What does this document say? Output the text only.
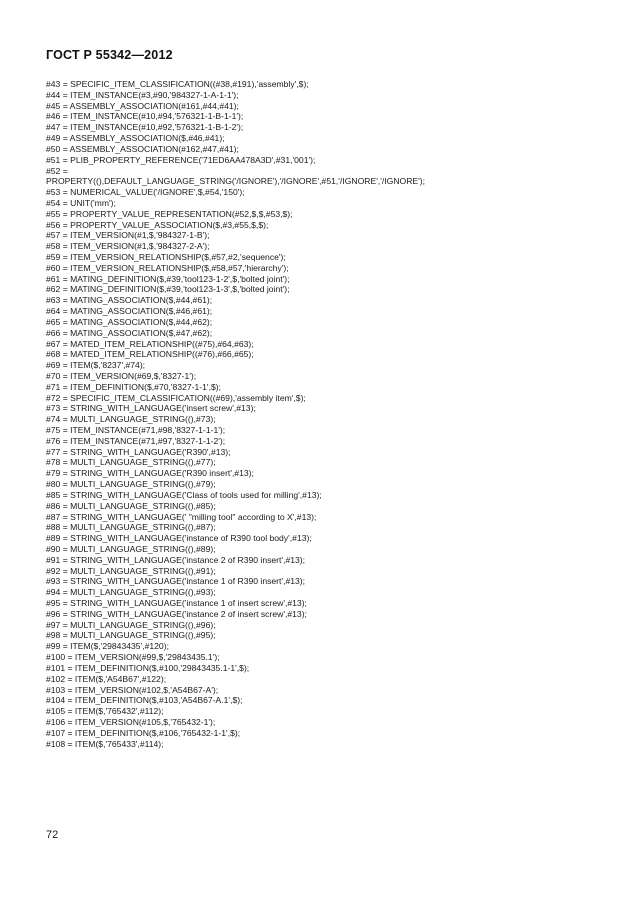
ГОСТ Р 55342—2012
#43 = SPECIFIC_ITEM_CLASSIFICATION((#38,#191),'assembly',$);
#44 = ITEM_INSTANCE(#3,#90,'984327-1-A-1-1');
#45 = ASSEMBLY_ASSOCIATION(#161,#44,#41);
#46 = ITEM_INSTANCE(#10,#94,'576321-1-B-1-1');
#47 = ITEM_INSTANCE(#10,#92,'576321-1-B-1-2');
#49 = ASSEMBLY_ASSOCIATION($,#46,#41);
#50 = ASSEMBLY_ASSOCIATION(#162,#47,#41);
#51 = PLIB_PROPERTY_REFERENCE('71ED6AA478A3D',#31,'001');
#52 =
PROPERTY((),DEFAULT_LANGUAGE_STRING('/IGNORE'),'/IGNORE',#51,'/IGNORE','/IGNORE');
#53 = NUMERICAL_VALUE('/IGNORE',$,#54,'150');
#54 = UNIT('mm');
#55 = PROPERTY_VALUE_REPRESENTATION(#52,$,$,#53,$);
#56 = PROPERTY_VALUE_ASSOCIATION($,#3,#55,$,$);
#57 = ITEM_VERSION(#1,$,'984327-1-B');
#58 = ITEM_VERSION(#1,$,'984327-2-A');
#59 = ITEM_VERSION_RELATIONSHIP($,#57,#2,'sequence');
#60 = ITEM_VERSION_RELATIONSHIP($,#58,#57,'hierarchy');
#61 = MATING_DEFINITION($,#39,'tool123-1-2',$,'bolted joint');
#62 = MATING_DEFINITION($,#39,'tool123-1-3',$,'bolted joint');
#63 = MATING_ASSOCIATION($,#44,#61);
#64 = MATING_ASSOCIATION($,#46,#61);
#65 = MATING_ASSOCIATION($,#44,#62);
#66 = MATING_ASSOCIATION($,#47,#62);
#67 = MATED_ITEM_RELATIONSHIP((#75),#64,#63);
#68 = MATED_ITEM_RELATIONSHIP((#76),#66,#65);
#69 = ITEM($,'8237',#74);
#70 = ITEM_VERSION(#69,$,'8327-1');
#71 = ITEM_DEFINITION($,#70,'8327-1-1',$);
#72 = SPECIFIC_ITEM_CLASSIFICATION((#69),'assembly item',$);
#73 = STRING_WITH_LANGUAGE('insert screw',#13);
#74 = MULTI_LANGUAGE_STRING((),#73);
#75 = ITEM_INSTANCE(#71,#98,'8327-1-1-1');
#76 = ITEM_INSTANCE(#71,#97,'8327-1-1-2');
#77 = STRING_WITH_LANGUAGE('R390',#13);
#78 = MULTI_LANGUAGE_STRING((),#77);
#79 = STRING_WITH_LANGUAGE('R390 insert',#13);
#80 = MULTI_LANGUAGE_STRING((),#79);
#85 = STRING_WITH_LANGUAGE('Class of tools used for milling',#13);
#86 = MULTI_LANGUAGE_STRING((),#85);
#87 = STRING_WITH_LANGUAGE(' "milling tool" according to X',#13);
#88 = MULTI_LANGUAGE_STRING((),#87);
#89 = STRING_WITH_LANGUAGE('instance of R390 tool body',#13);
#90 = MULTI_LANGUAGE_STRING((),#89);
#91 = STRING_WITH_LANGUAGE('instance 2 of R390 insert',#13);
#92 = MULTI_LANGUAGE_STRING((),#91);
#93 = STRING_WITH_LANGUAGE('instance 1 of R390 insert',#13);
#94 = MULTI_LANGUAGE_STRING((),#93);
#95 = STRING_WITH_LANGUAGE('instance 1 of insert screw',#13);
#96 = STRING_WITH_LANGUAGE('instance 2 of insert screw',#13);
#97 = MULTI_LANGUAGE_STRING((),#96);
#98 = MULTI_LANGUAGE_STRING((),#95);
#99 = ITEM($,'29843435',#120);
#100 = ITEM_VERSION(#99,$,'29843435.1');
#101 = ITEM_DEFINITION($,#100,'29843435.1-1',$);
#102 = ITEM($,'A54B67',#122);
#103 = ITEM_VERSION(#102,$,'A54B67-A');
#104 = ITEM_DEFINITION($,#103,'A54B67-A.1',$);
#105 = ITEM($,'765432',#112);
#106 = ITEM_VERSION(#105,$,'765432-1');
#107 = ITEM_DEFINITION($,#106,'765432-1-1',$);
#108 = ITEM($,'765433',#114);
72
